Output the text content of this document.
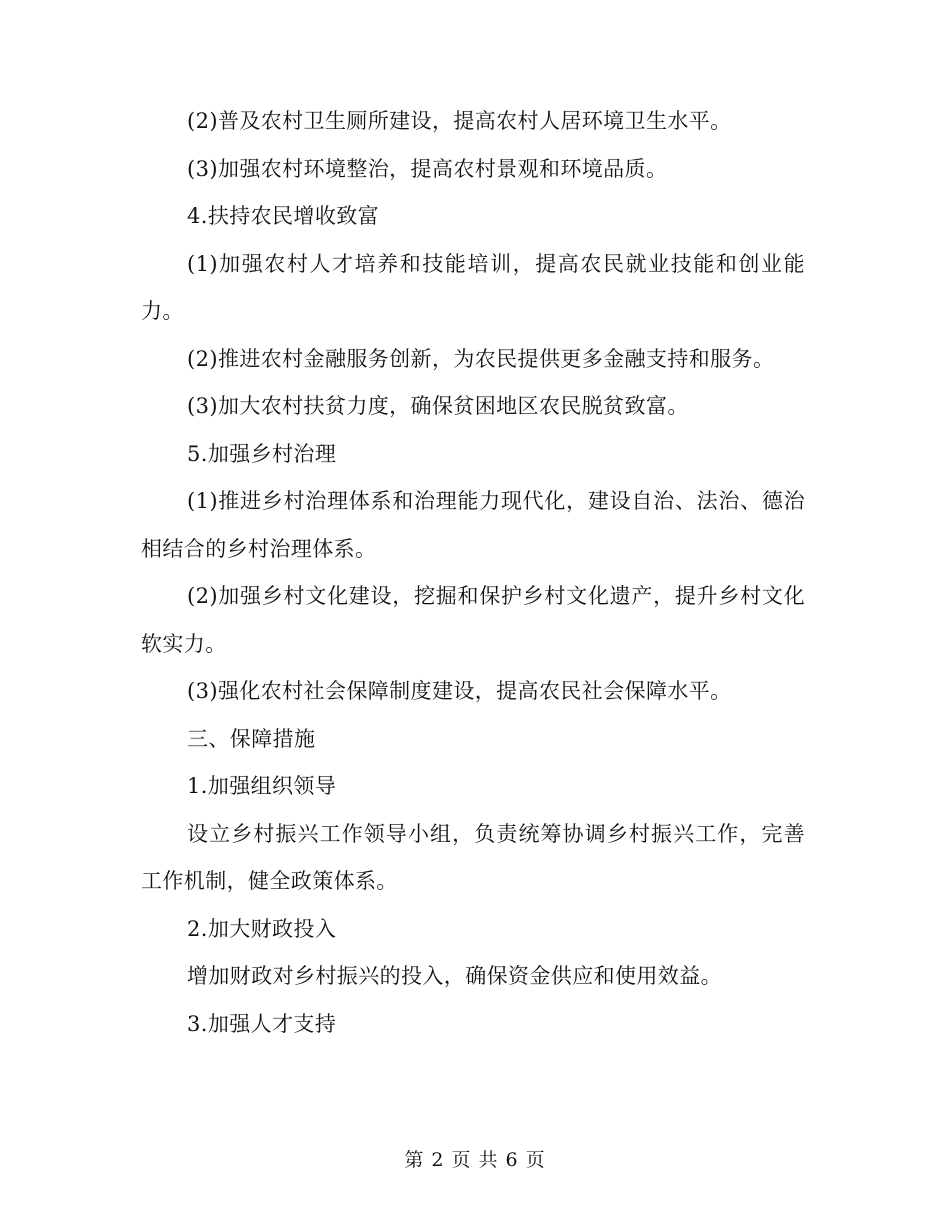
(2)普及农村卫生厕所建设，提高农村人居环境卫生水平。

(3)加强农村环境整治，提高农村景观和环境品质。

4.扶持农民增收致富

(1)加强农村人才培养和技能培训，提高农民就业技能和创业能力。

(2)推进农村金融服务创新，为农民提供更多金融支持和服务。

(3)加大农村扶贫力度，确保贫困地区农民脱贫致富。

5.加强乡村治理

(1)推进乡村治理体系和治理能力现代化，建设自治、法治、德治相结合的乡村治理体系。

(2)加强乡村文化建设，挖掘和保护乡村文化遗产，提升乡村文化软实力。

(3)强化农村社会保障制度建设，提高农民社会保障水平。

三、保障措施

1.加强组织领导

设立乡村振兴工作领导小组，负责统筹协调乡村振兴工作，完善工作机制，健全政策体系。

2.加大财政投入

增加财政对乡村振兴的投入，确保资金供应和使用效益。

3.加强人才支持

第 2 页 共 6 页
